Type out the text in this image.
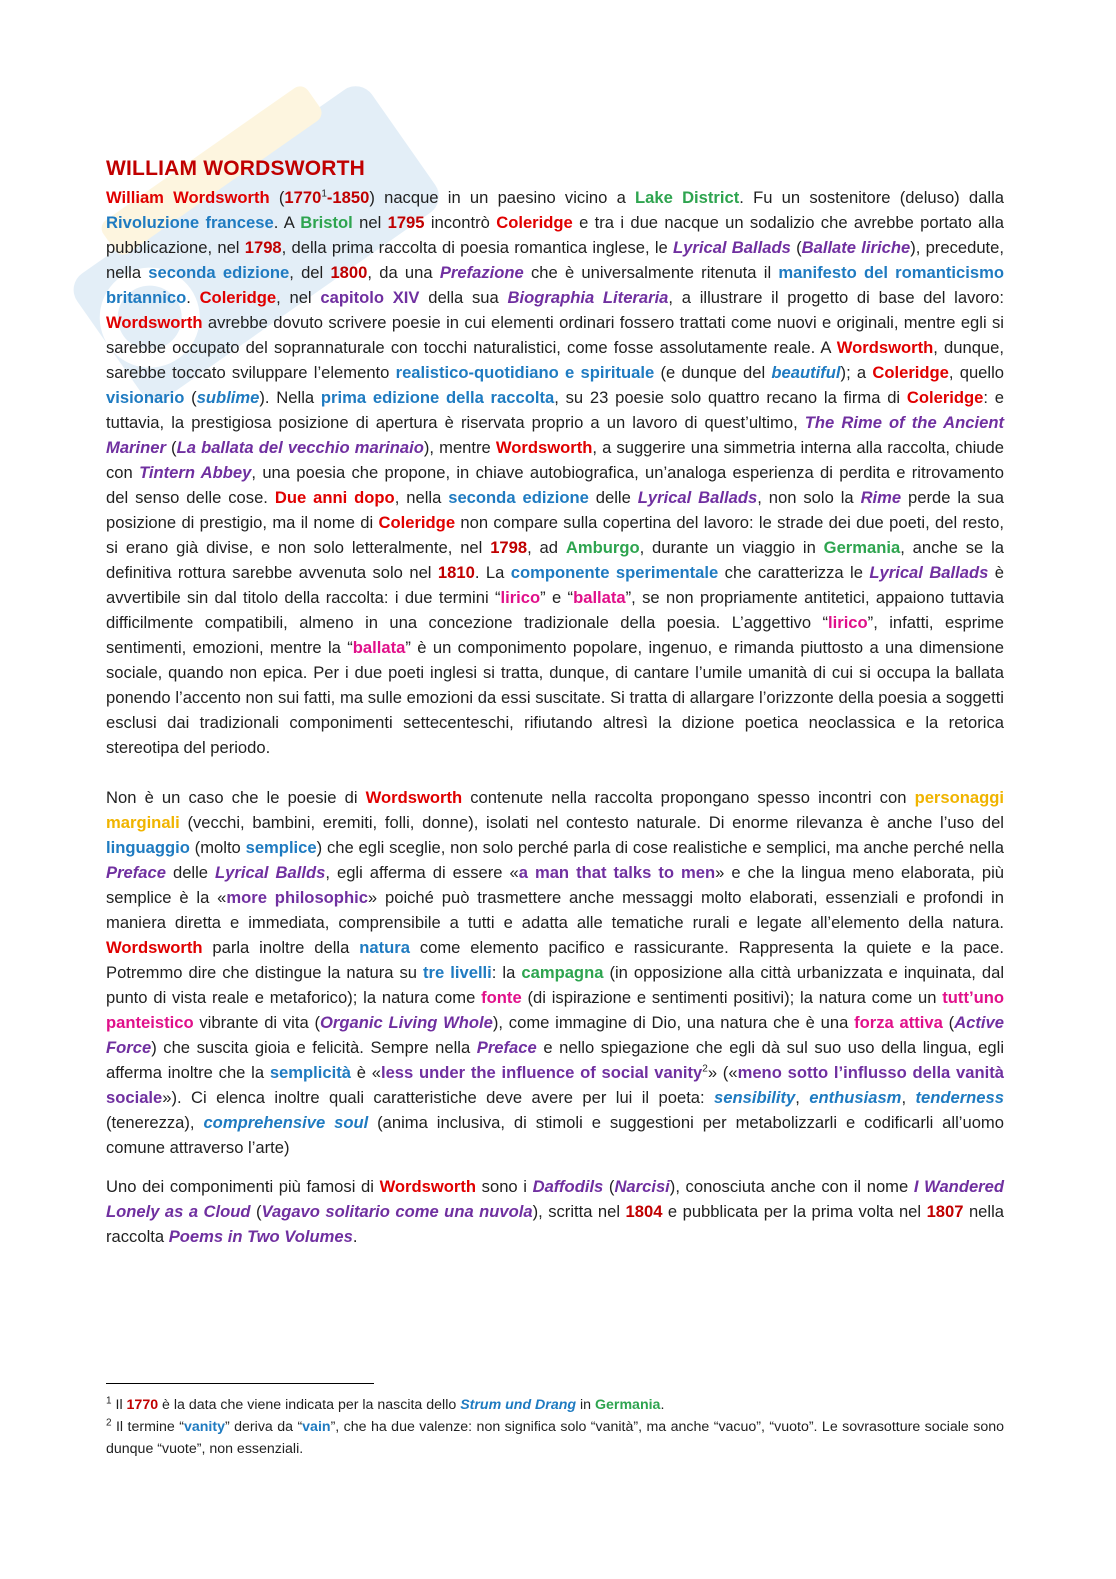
WILLIAM WORDSWORTH

William Wordsworth (1770$^1$-1850) nacque in un paesino vicino a Lake District. Fu un sostenitore (deluso) dalla Rivoluzione francese. A Bristol nel 1795 incontrò Coleridge e tra i due nacque un sodalizio che avrebbe portato alla pubblicazione, nel 1798, della prima raccolta di poesia romantica inglese, le Lyrical Ballads (Ballate liriche), precedute, nella seconda edizione, del 1800, da una Prefazione che è universalmente ritenuta il manifesto del romanticismo britannico. Coleridge, nel capitolo XIV della sua Biographia Literaria, a illustrare il progetto di base del lavoro: Wordsworth avrebbe dovuto scrivere poesie in cui elementi ordinari fossero trattati come nuovi e originali, mentre egli si sarebbe occupato del soprannaturale con tocchi naturalistici, come fosse assolutamente reale. A Wordsworth, dunque, sarebbe toccato sviluppare l’elemento realistico-quotidiano e spirituale (e dunque del beautiful); a Coleridge, quello visionario (sublime). Nella prima edizione della raccolta, su 23 poesie solo quattro recano la firma di Coleridge: e tuttavia, la prestigiosa posizione di apertura è riservata proprio a un lavoro di quest’ultimo, The Rime of the Ancient Mariner (La ballata del vecchio marinaio), mentre Wordsworth, a suggerire una simmetria interna alla raccolta, chiude con Tintern Abbey, una poesia che propone, in chiave autobiografica, un’analoga esperienza di perdita e ritrovamento del senso delle cose. Due anni dopo, nella seconda edizione delle Lyrical Ballads, non solo la Rime perde la sua posizione di prestigio, ma il nome di Coleridge non compare sulla copertina del lavoro: le strade dei due poeti, del resto, si erano già divise, e non solo letteralmente, nel 1798, ad Amburgo, durante un viaggio in Germania, anche se la definitiva rottura sarebbe avvenuta solo nel 1810. La componente sperimentale che caratterizza le Lyrical Ballads è avvertibile sin dal titolo della raccolta: i due termini “lirico” e “ballata”, se non propriamente antitetici, appaiono tuttavia difficilmente compatibili, almeno in una concezione tradizionale della poesia. L’aggettivo “lirico”, infatti, esprime sentimenti, emozioni, mentre la “ballata” è un componimento popolare, ingenuo, e rimanda piuttosto a una dimensione sociale, quando non epica. Per i due poeti inglesi si tratta, dunque, di cantare l’umile umanità di cui si occupa la ballata ponendo l’accento non sui fatti, ma sulle emozioni da essi suscitate. Si tratta di allargare l’orizzonte della poesia a soggetti esclusi dai tradizionali componimenti settecenteschi, rifiutando altresì la dizione poetica neoclassica e la retorica stereotipa del periodo.

Non è un caso che le poesie di Wordsworth contenute nella raccolta propongano spesso incontri con personaggi marginali (vecchi, bambini, eremiti, folli, donne), isolati nel contesto naturale. Di enorme rilevanza è anche l’uso del linguaggio (molto semplice) che egli sceglie, non solo perché parla di cose realistiche e semplici, ma anche perché nella Preface delle Lyrical Ballds, egli afferma di essere «a man that talks to men» e che la lingua meno elaborata, più semplice è la «more philosophic» poiché può trasmettere anche messaggi molto elaborati, essenziali e profondi in maniera diretta e immediata, comprensibile a tutti e adatta alle tematiche rurali e legate all’elemento della natura. Wordsworth parla inoltre della natura come elemento pacifico e rassicurante. Rappresenta la quiete e la pace. Potremmo dire che distingue la natura su tre livelli: la campagna (in opposizione alla città urbanizzata e inquinata, dal punto di vista reale e metaforico); la natura come fonte (di ispirazione e sentimenti positivi); la natura come un tutt’uno panteistico vibrante di vita (Organic Living Whole), come immagine di Dio, una natura che è una forza attiva (Active Force) che suscita gioia e felicità. Sempre nella Preface e nello spiegazione che egli dà sul suo uso della lingua, egli afferma inoltre che la semplicità è «less under the influence of social vanity$^2$» («meno sotto l’influsso della vanità sociale»). Ci elenca inoltre quali caratteristiche deve avere per lui il poeta: sensibility, enthusiasm, tenderness (tenerezza), comprehensive soul (anima inclusiva, di stimoli e suggestioni per metabolizzarli e codificarli all’uomo comune attraverso l’arte)

Uno dei componimenti più famosi di Wordsworth sono i Daffodils (Narcisi), conosciuta anche con il nome I Wandered Lonely as a Cloud (Vagavo solitario come una nuvola), scritta nel 1804 e pubblicata per la prima volta nel 1807 nella raccolta Poems in Two Volumes.

$^1$ Il 1770 è la data che viene indicata per la nascita dello Strum und Drang in Germania.
$^2$ Il termine “vanity” deriva da “vain”, che ha due valenze: non significa solo “vanità”, ma anche “vacuo”, “vuoto”. Le sovrasotture sociale sono dunque “vuote”, non essenziali.
